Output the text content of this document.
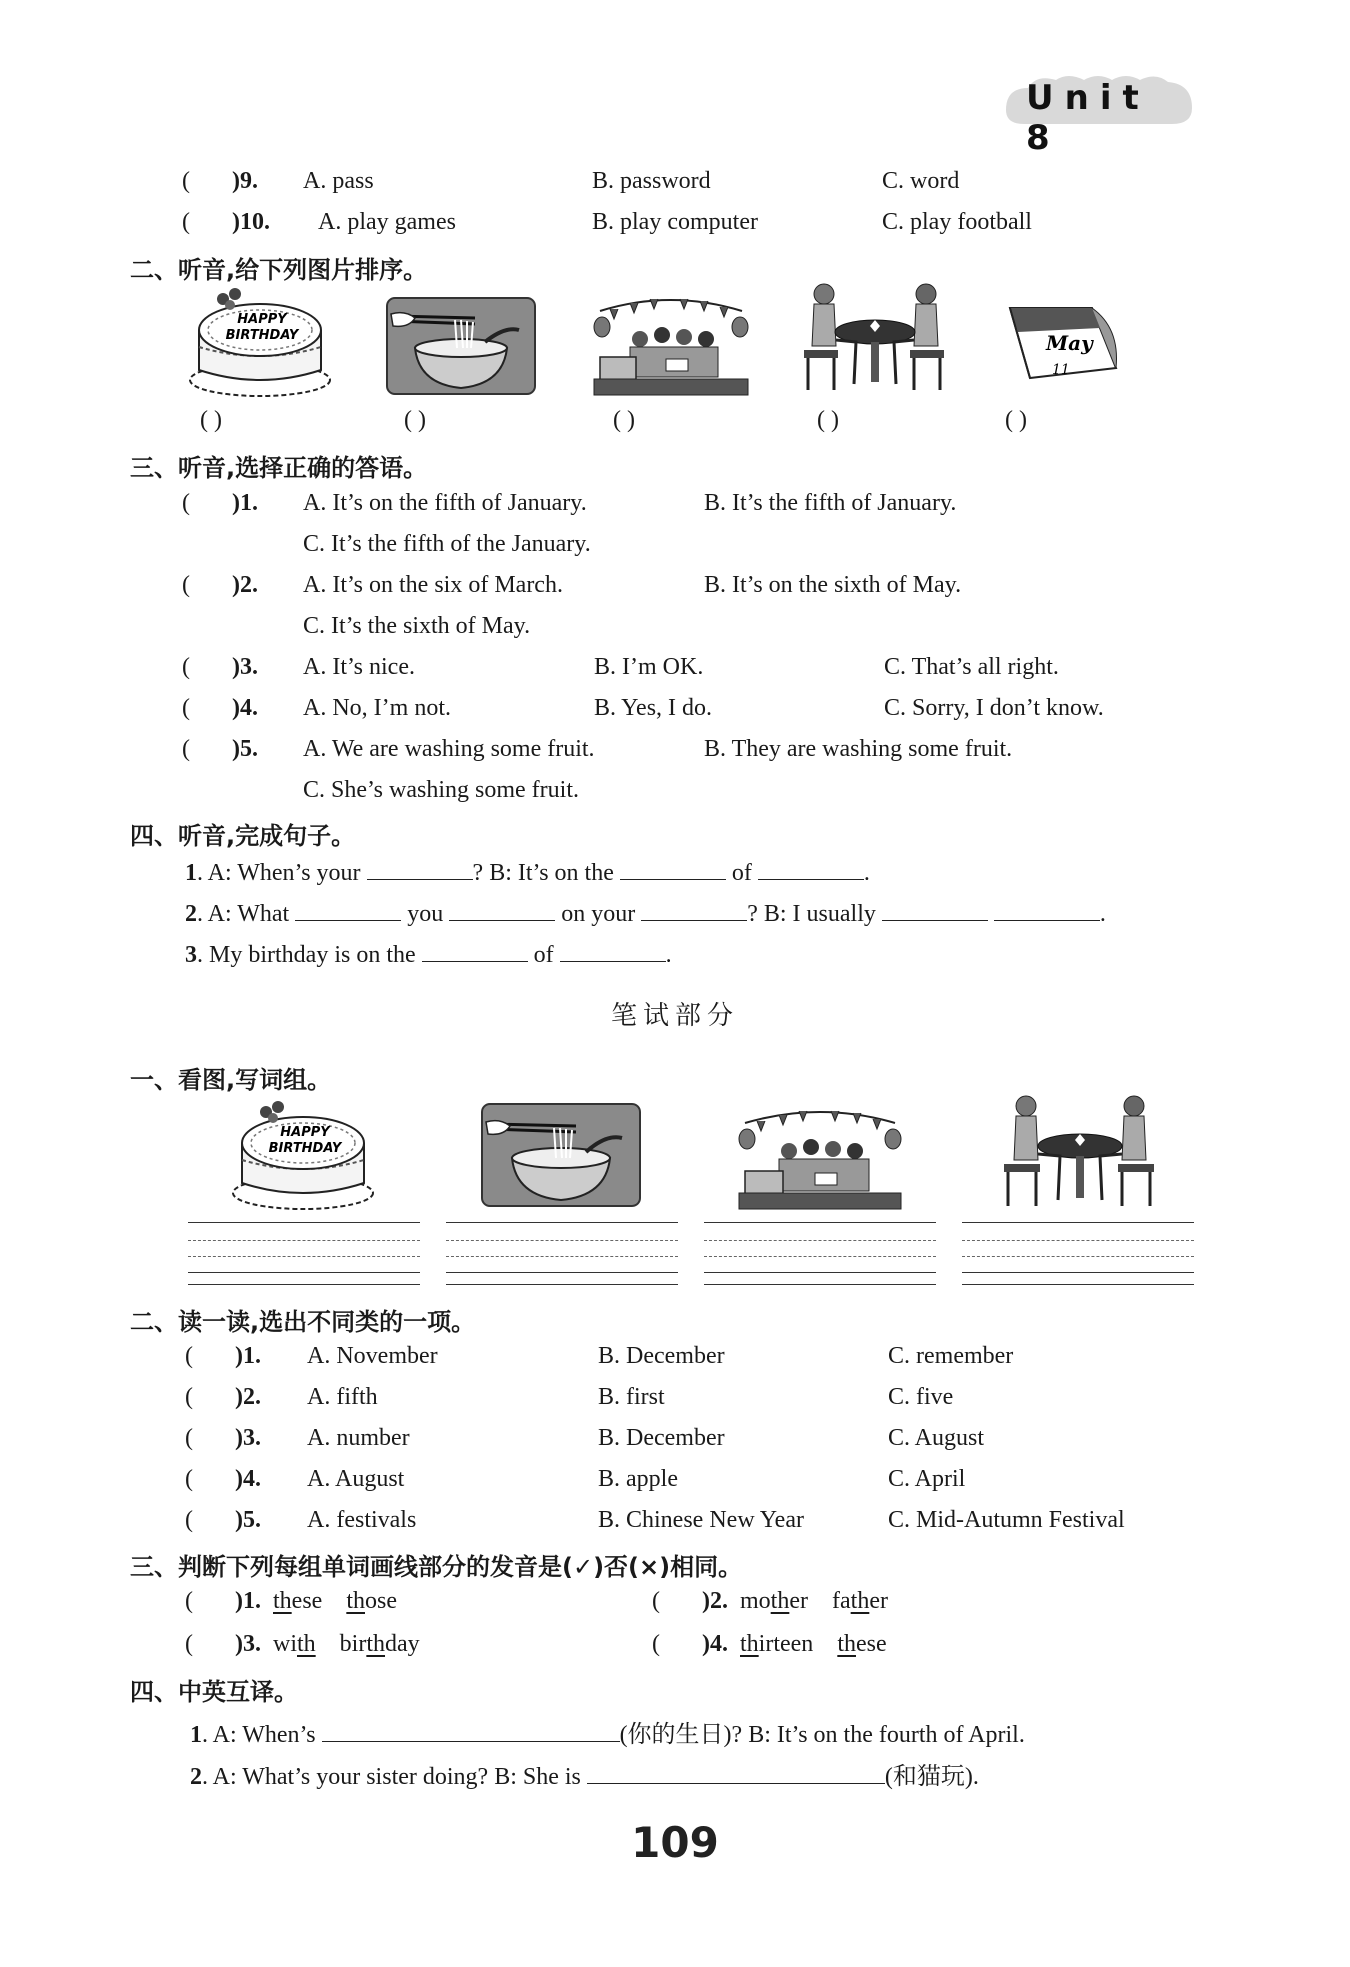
Unit 8
(       )9. A. pass	B. password	C. word
(       )10. A. play games	B. play computer	C. play football
二、听音,给下列图片排序。
HAPPY
BIRTHDAY	May
11
( )	( )	( )	( )	( )
三、听音,选择正确的答语。
(       )1. A. It’s on the fifth of January.	B. It’s the fifth of January.
C. It’s the fifth of the January.
(       )2. A. It’s on the six of March.	B. It’s on the sixth of May.
C. It’s the sixth of May.
(       )3. A. It’s nice.	B. I’m OK.	C. That’s all right.
(       )4. A. No, I’m not.	B. Yes, I do.	C. Sorry, I don’t know.
(       )5. A. We are washing some fruit.	B. They are washing some fruit.
C. She’s washing some fruit.
四、听音,完成句子。
1. A: When’s your	? B: It’s on the	of	.
2. A: What	you	on your	? B: I usually	.
3. My birthday is on the	of	.
笔试部分
一、看图,写词组。
HAPPY
BIRTHDAY
二、读一读,选出不同类的一项。
(       )1. A. November	B. December	C. remember
(       )2. A. fifth	B. first	C. five
(       )3. A. number	B. December	C. August
(       )4. A. August	B. apple	C. April
(       )5. A. festivals	B. Chinese New Year	C. Mid-Autumn Festival
三、判断下列每组单词画线部分的发音是(✓)否(×)相同。
(       )1. these those	(       )2. mother father
(       )3. with birthday	(       )4. thirteen these
四、中英互译。
1. A: When’s	(你的生日)? B: It’s on the fourth of April.
2. A: What’s your sister doing? B: She is	(和猫玩).
109
